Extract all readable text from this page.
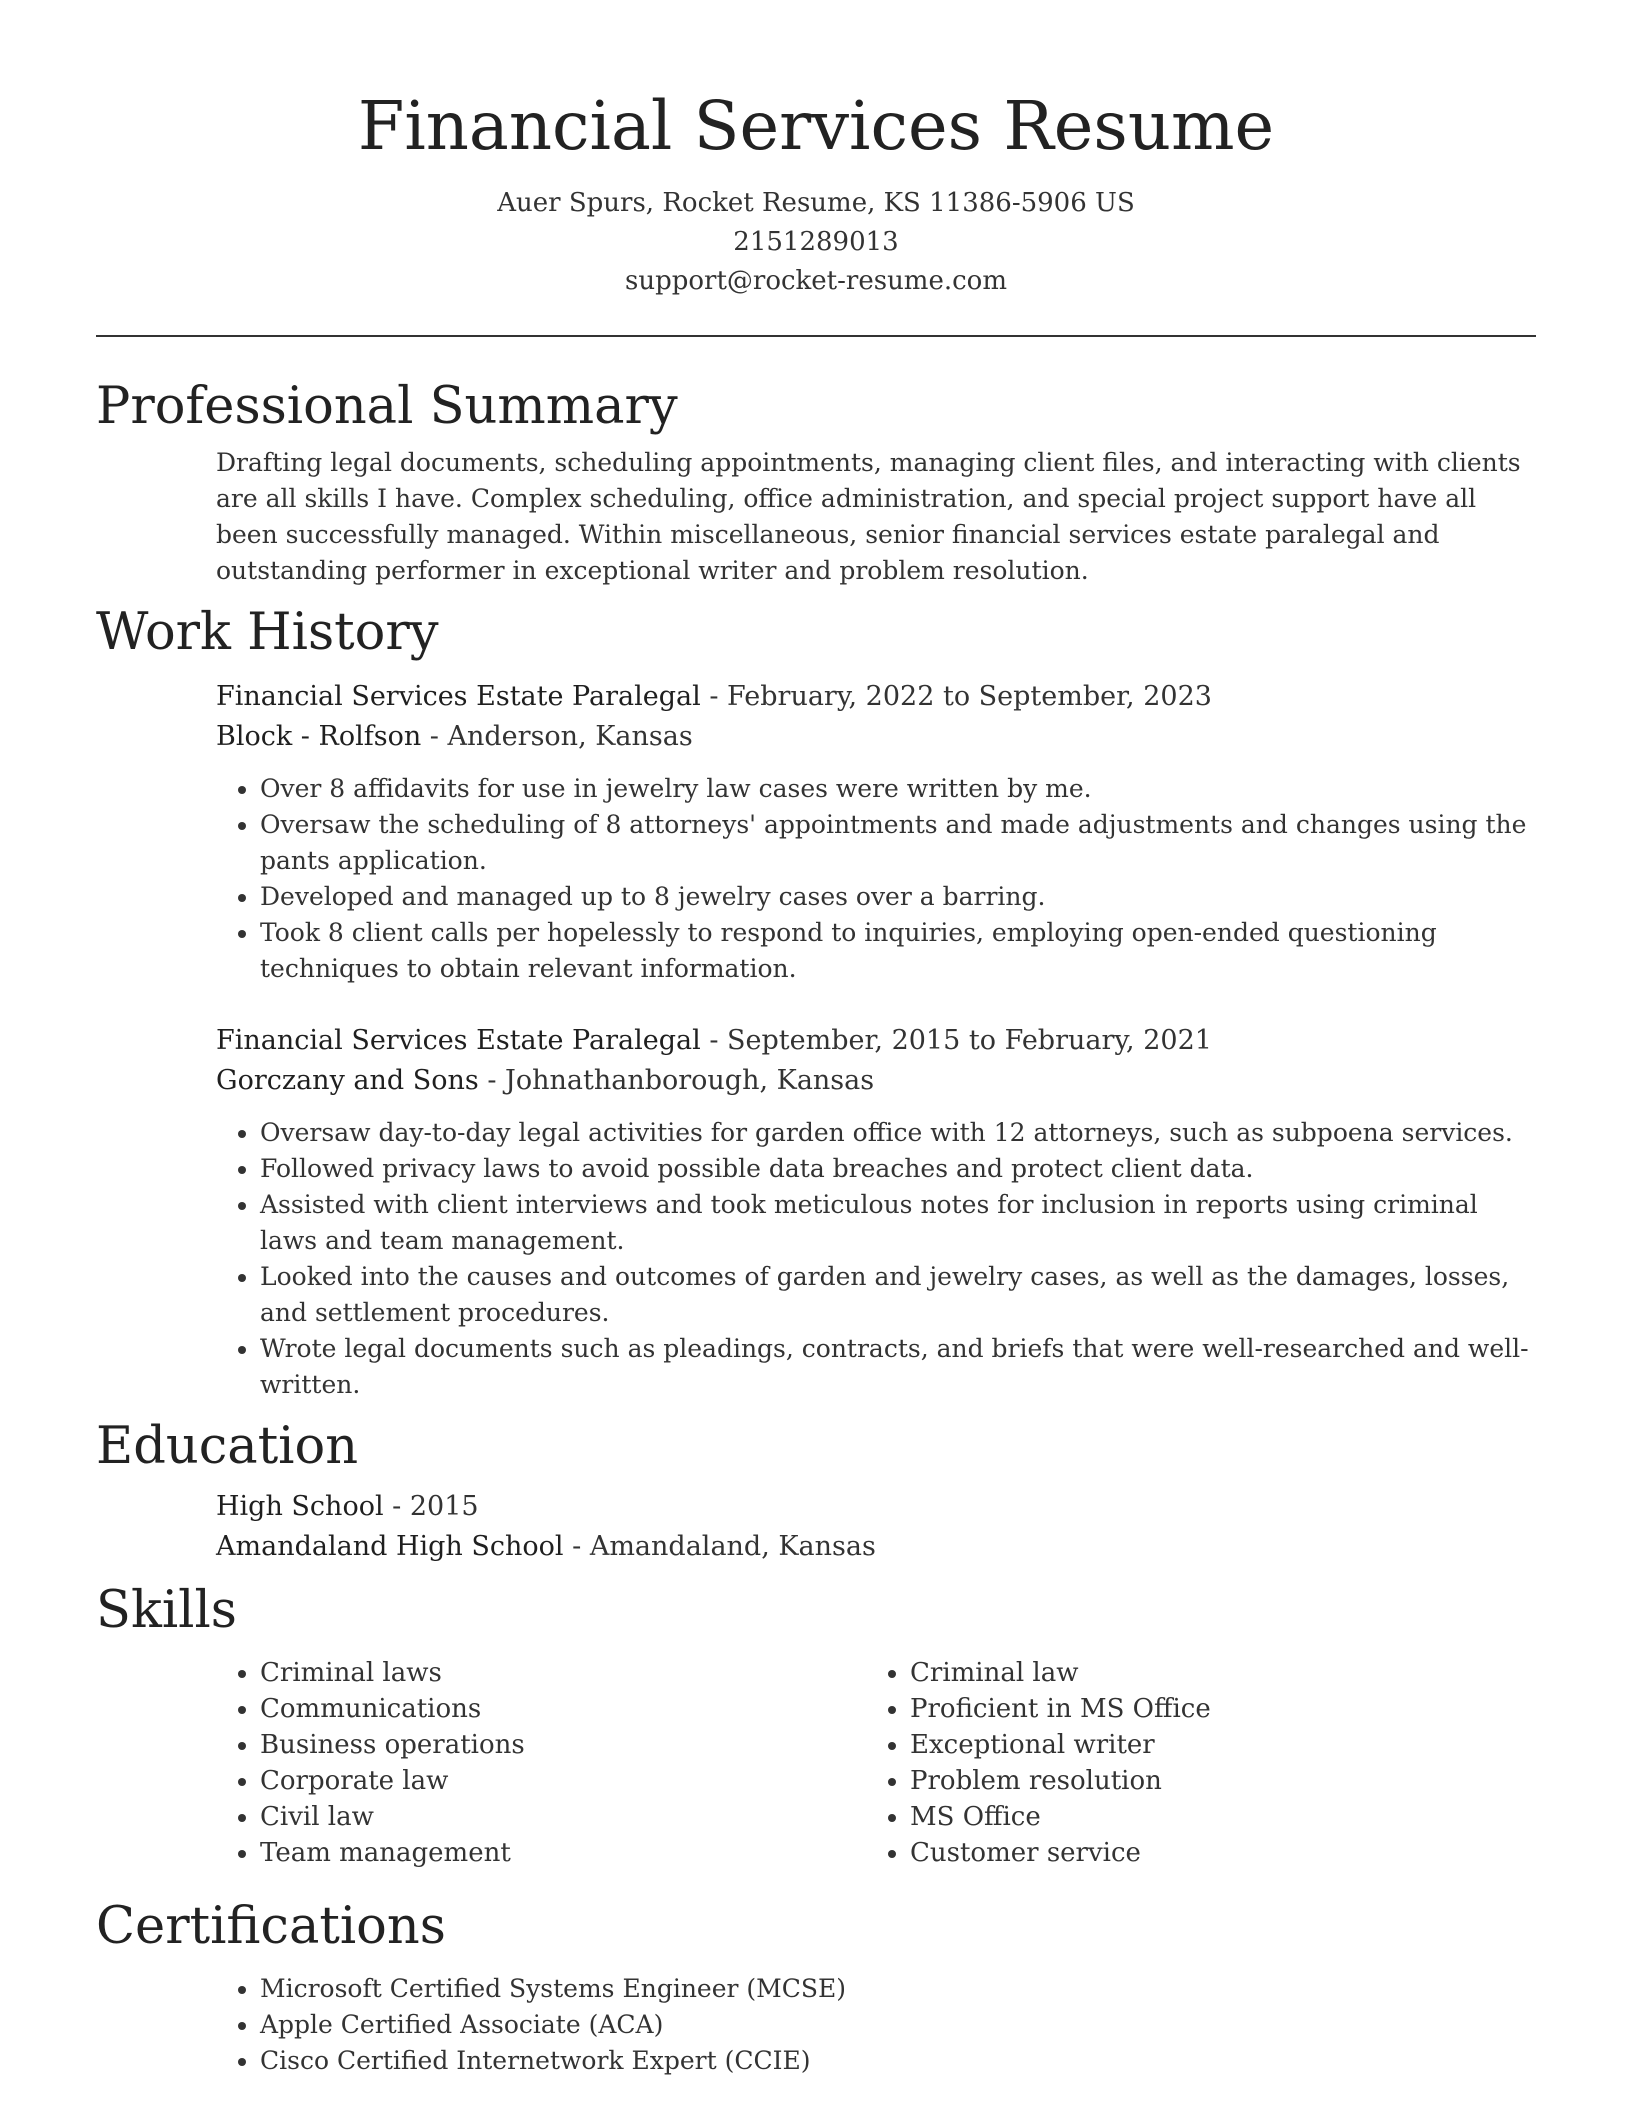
Financial Services Resume
Auer Spurs, Rocket Resume, KS 11386-5906 US
2151289013
support@rocket-resume.com
Professional Summary

Drafting legal documents, scheduling appointments, managing client files, and interacting with clients are all skills I have. Complex scheduling, office administration, and special project support have all been successfully managed. Within miscellaneous, senior financial services estate paralegal and outstanding performer in exceptional writer and problem resolution.

Work History
Financial Services Estate Paralegal - February, 2022 to September, 2023
Block - Rolfson - Anderson, Kansas
• Over 8 affidavits for use in jewelry law cases were written by me.
• Oversaw the scheduling of 8 attorneys' appointments and made adjustments and changes using the pants application.
• Developed and managed up to 8 jewelry cases over a barring.
• Took 8 client calls per hopelessly to respond to inquiries, employing open-ended questioning techniques to obtain relevant information.
Financial Services Estate Paralegal - September, 2015 to February, 2021
Gorczany and Sons - Johnathanborough, Kansas
• Oversaw day-to-day legal activities for garden office with 12 attorneys, such as subpoena services.
• Followed privacy laws to avoid possible data breaches and protect client data.
• Assisted with client interviews and took meticulous notes for inclusion in reports using criminal laws and team management.
• Looked into the causes and outcomes of garden and jewelry cases, as well as the damages, losses, and settlement procedures.
• Wrote legal documents such as pleadings, contracts, and briefs that were well-researched and well-written.
Education
High School - 2015
Amandaland High School - Amandaland, Kansas
Skills
• Criminal laws
• Communications
• Business operations
• Corporate law
• Civil law
• Team management
• Criminal law
• Proficient in MS Office
• Exceptional writer
• Problem resolution
• MS Office
• Customer service
Certifications
• Microsoft Certified Systems Engineer (MCSE)
• Apple Certified Associate (ACA)
• Cisco Certified Internetwork Expert (CCIE)
